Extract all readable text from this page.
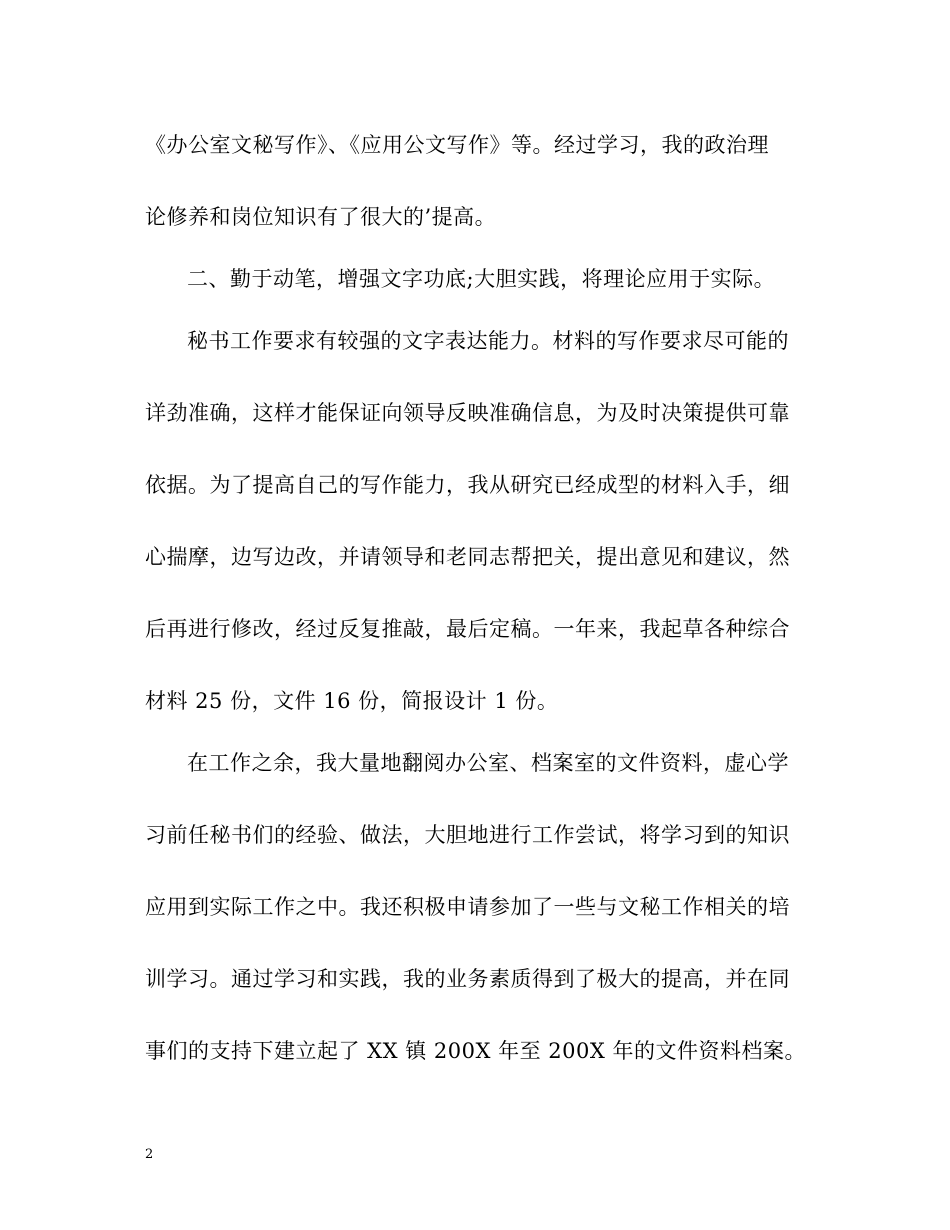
《办公室文秘写作》、《应用公文写作》等。经过学习，我的政治理
论修养和岗位知识有了很大的’提高。
二、勤于动笔，增强文字功底;大胆实践，将理论应用于实际。
秘书工作要求有较强的文字表达能力。材料的写作要求尽可能的
详劲准确，这样才能保证向领导反映准确信息，为及时决策提供可靠
依据。为了提高自己的写作能力，我从研究已经成型的材料入手，细
心揣摩，边写边改，并请领导和老同志帮把关，提出意见和建议，然
后再进行修改，经过反复推敲，最后定稿。一年来，我起草各种综合
材料 25 份，文件 16 份，简报设计 1 份。
在工作之余，我大量地翻阅办公室、档案室的文件资料，虚心学
习前任秘书们的经验、做法，大胆地进行工作尝试，将学习到的知识
应用到实际工作之中。我还积极申请参加了一些与文秘工作相关的培
训学习。通过学习和实践，我的业务素质得到了极大的提高，并在同
事们的支持下建立起了 XX 镇 200X 年至 200X 年的文件资料档案。
2
